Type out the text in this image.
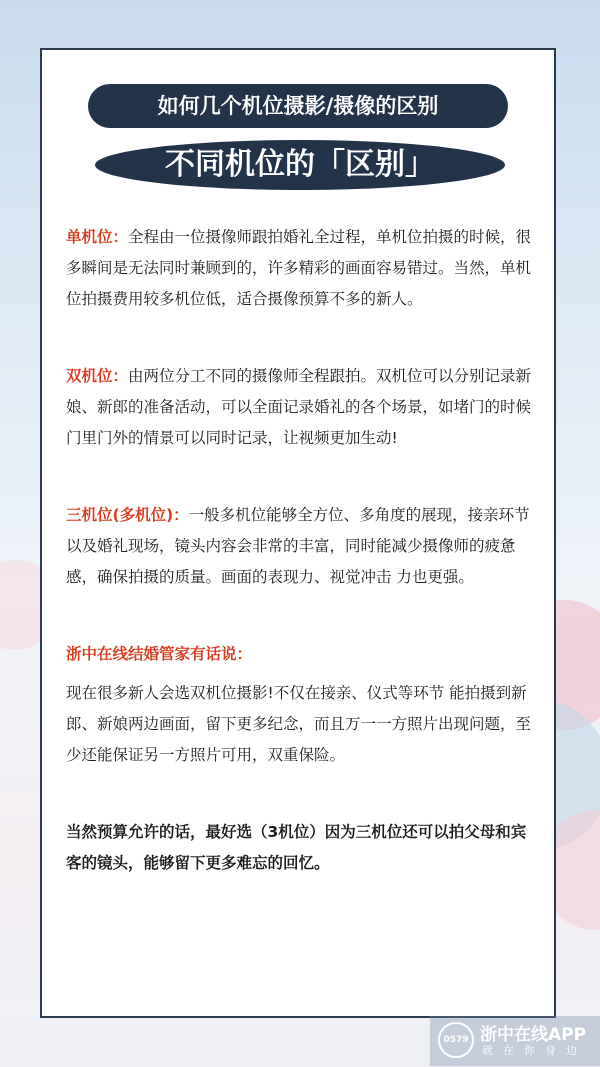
如何几个机位摄影/摄像的区别
不同机位的「区别」

单机位：全程由一位摄像师跟拍婚礼全过程，单机位拍摄的时候，很多瞬间是无法同时兼顾到的，许多精彩的画面容易错过。当然，单机位拍摄费用较多机位低，适合摄像预算不多的新人。

双机位：由两位分工不同的摄像师全程跟拍。双机位可以分别记录新娘、新郎的准备活动，可以全面记录婚礼的各个场景，如堵门的时候门里门外的情景可以同时记录，让视频更加生动!

三机位(多机位)：一般多机位能够全方位、多角度的展现，接亲环节以及婚礼现场，镜头内容会非常的丰富，同时能减少摄像师的疲惫感，确保拍摄的质量。画面的表现力、视觉冲击 力也更强。

浙中在线结婚管家有话说：

现在很多新人会选双机位摄影!不仅在接亲、仪式等环节 能拍摄到新郎、新娘两边画面，留下更多纪念，而且万一一方照片出现问题，至少还能保证另一方照片可用，双重保险。

当然预算允许的话，最好选（3机位）因为三机位还可以拍父母和宾客的镜头，能够留下更多难忘的回忆。

0579 浙中在线APP
就在你身边
